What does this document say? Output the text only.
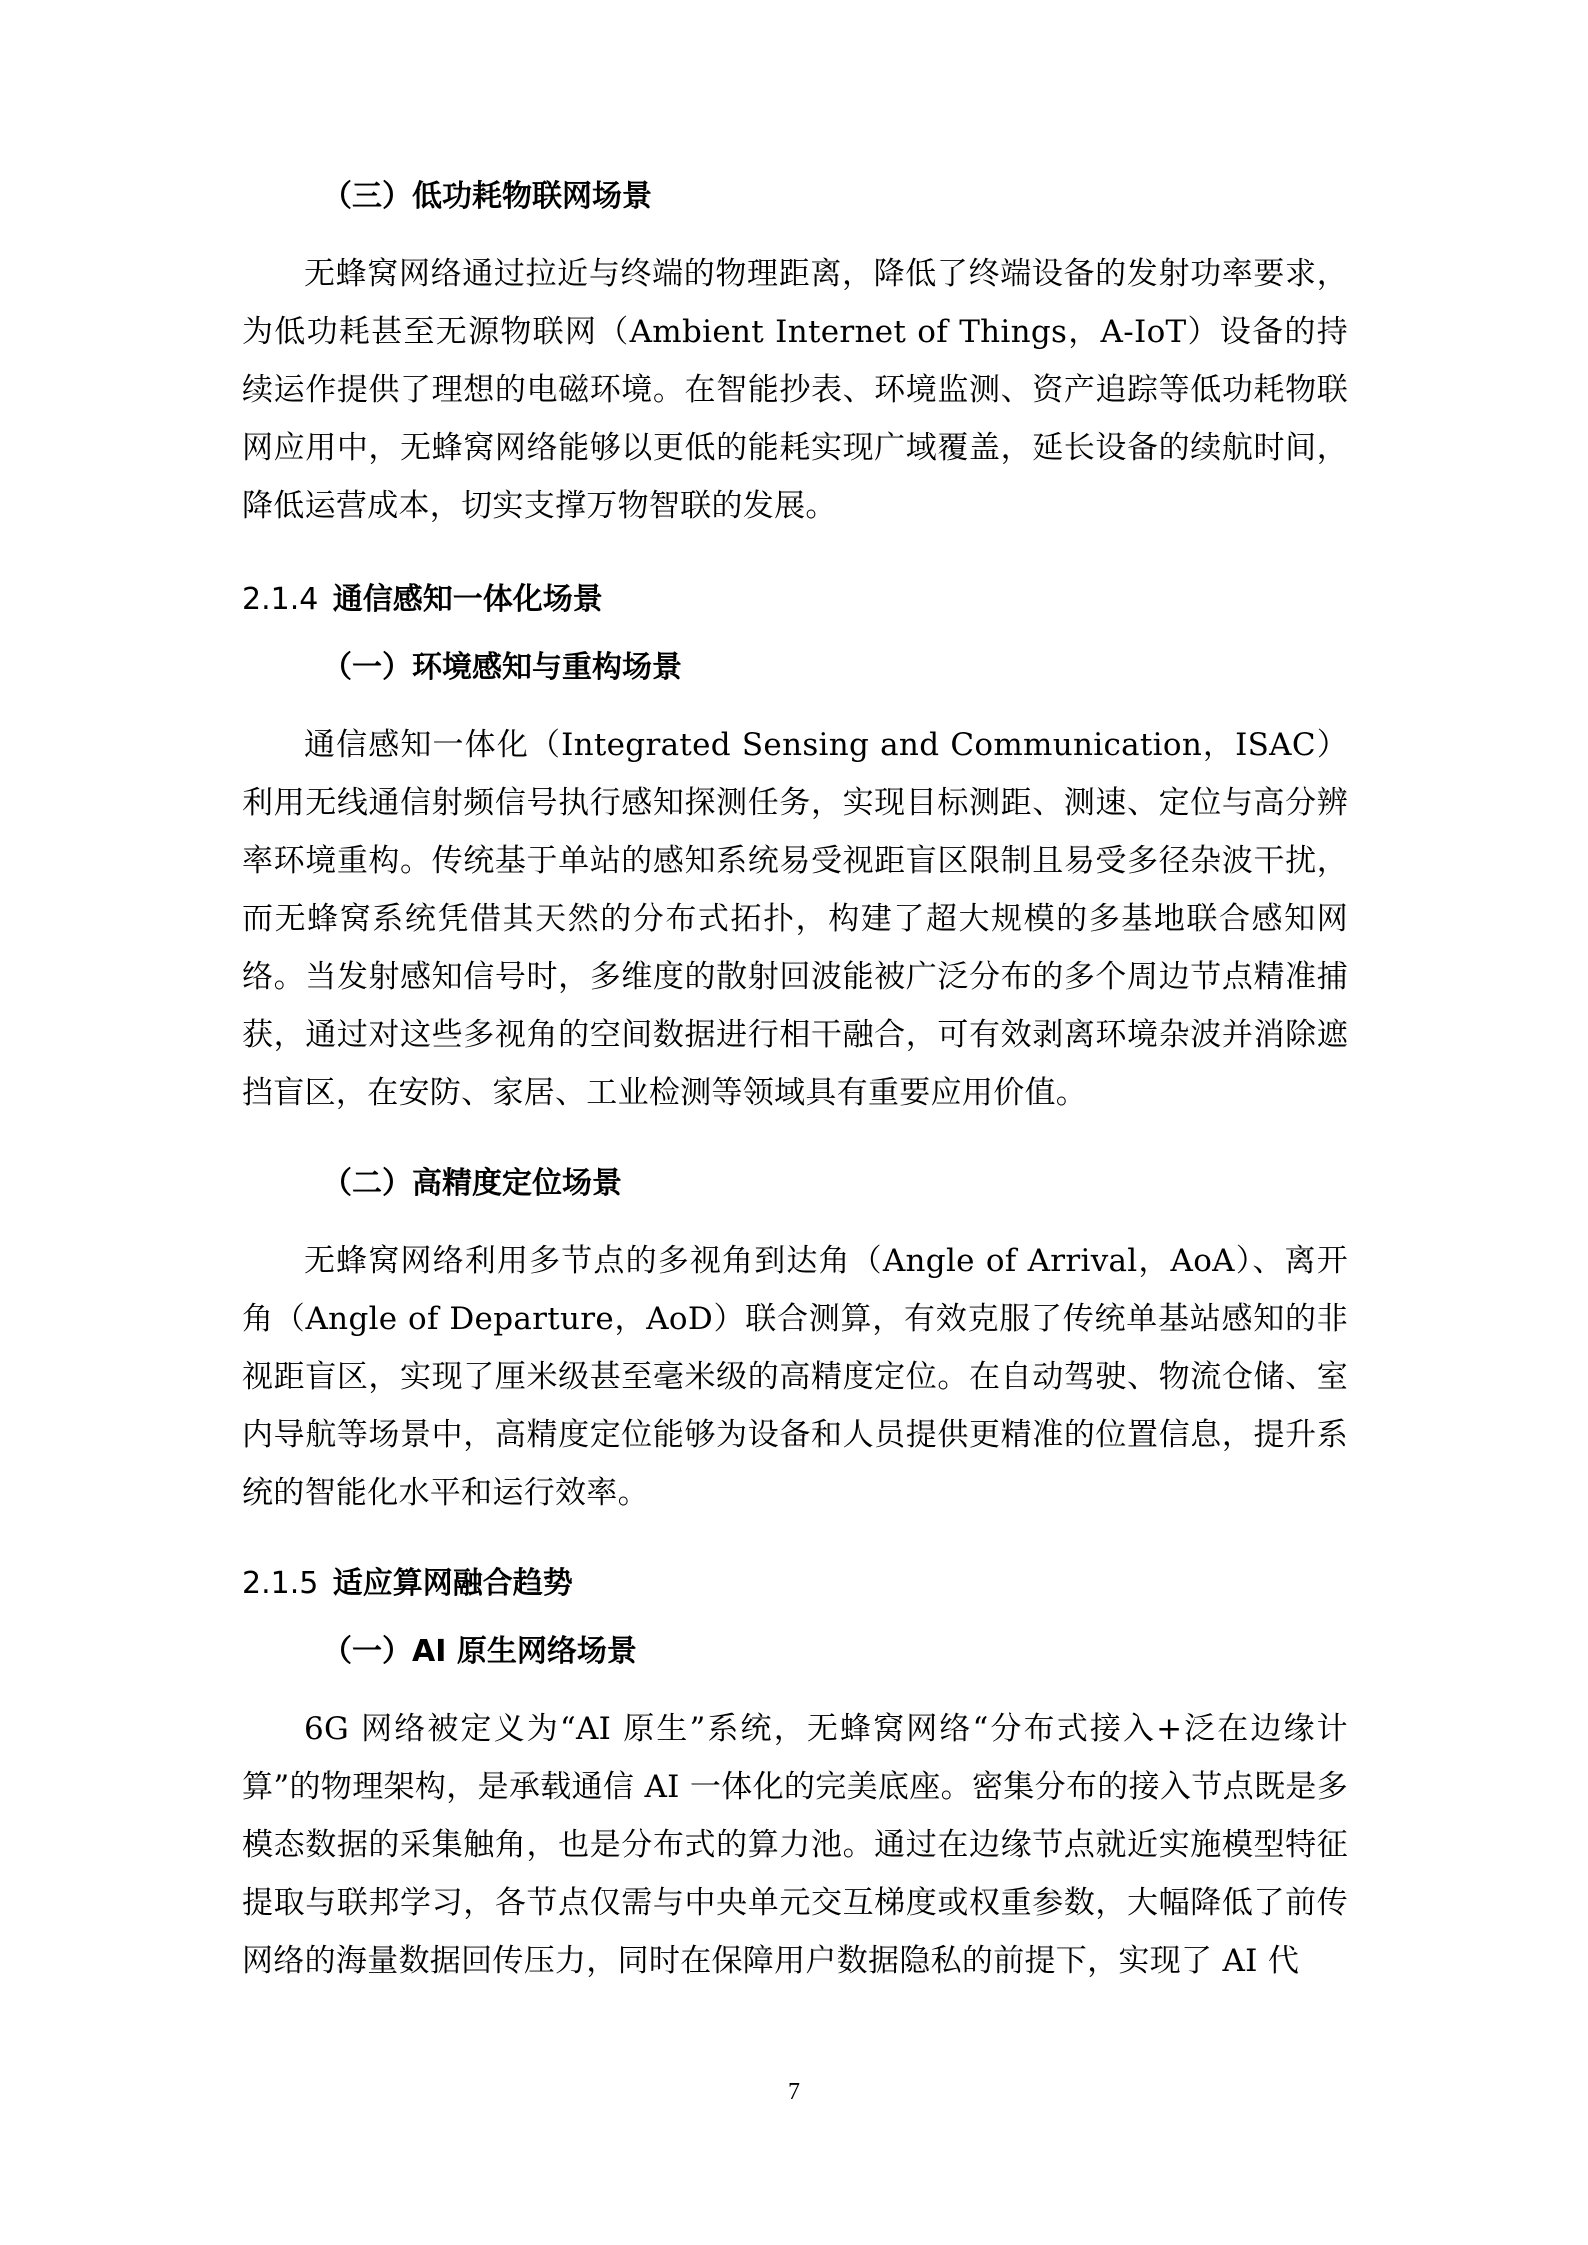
（三）低功耗物联网场景

无蜂窝网络通过拉近与终端的物理距离，降低了终端设备的发射功率要求，为低功耗甚至无源物联网（Ambient Internet of Things，A-IoT）设备的持续运作提供了理想的电磁环境。在智能抄表、环境监测、资产追踪等低功耗物联网应用中，无蜂窝网络能够以更低的能耗实现广域覆盖，延长设备的续航时间，降低运营成本，切实支撑万物智联的发展。

2.1.4 通信感知一体化场景
（一）环境感知与重构场景

通信感知一体化（Integrated Sensing and Communication，ISAC）利用无线通信射频信号执行感知探测任务，实现目标测距、测速、定位与高分辨率环境重构。传统基于单站的感知系统易受视距盲区限制且易受多径杂波干扰，而无蜂窝系统凭借其天然的分布式拓扑，构建了超大规模的多基地联合感知网络。当发射感知信号时，多维度的散射回波能被广泛分布的多个周边节点精准捕获，通过对这些多视角的空间数据进行相干融合，可有效剥离环境杂波并消除遮挡盲区，在安防、家居、工业检测等领域具有重要应用价值。

（二）高精度定位场景

无蜂窝网络利用多节点的多视角到达角（Angle of Arrival，AoA）、离开角（Angle of Departure，AoD）联合测算，有效克服了传统单基站感知的非视距盲区，实现了厘米级甚至毫米级的高精度定位。在自动驾驶、物流仓储、室内导航等场景中，高精度定位能够为设备和人员提供更精准的位置信息，提升系统的智能化水平和运行效率。

2.1.5 适应算网融合趋势
（一）AI 原生网络场景

6G 网络被定义为“AI 原生”系统，无蜂窝网络“分布式接入+泛在边缘计算”的物理架构，是承载通信 AI 一体化的完美底座。密集分布的接入节点既是多模态数据的采集触角，也是分布式的算力池。通过在边缘节点就近实施模型特征提取与联邦学习，各节点仅需与中央单元交互梯度或权重参数，大幅降低了前传网络的海量数据回传压力，同时在保障用户数据隐私的前提下，实现了 AI 代

7
